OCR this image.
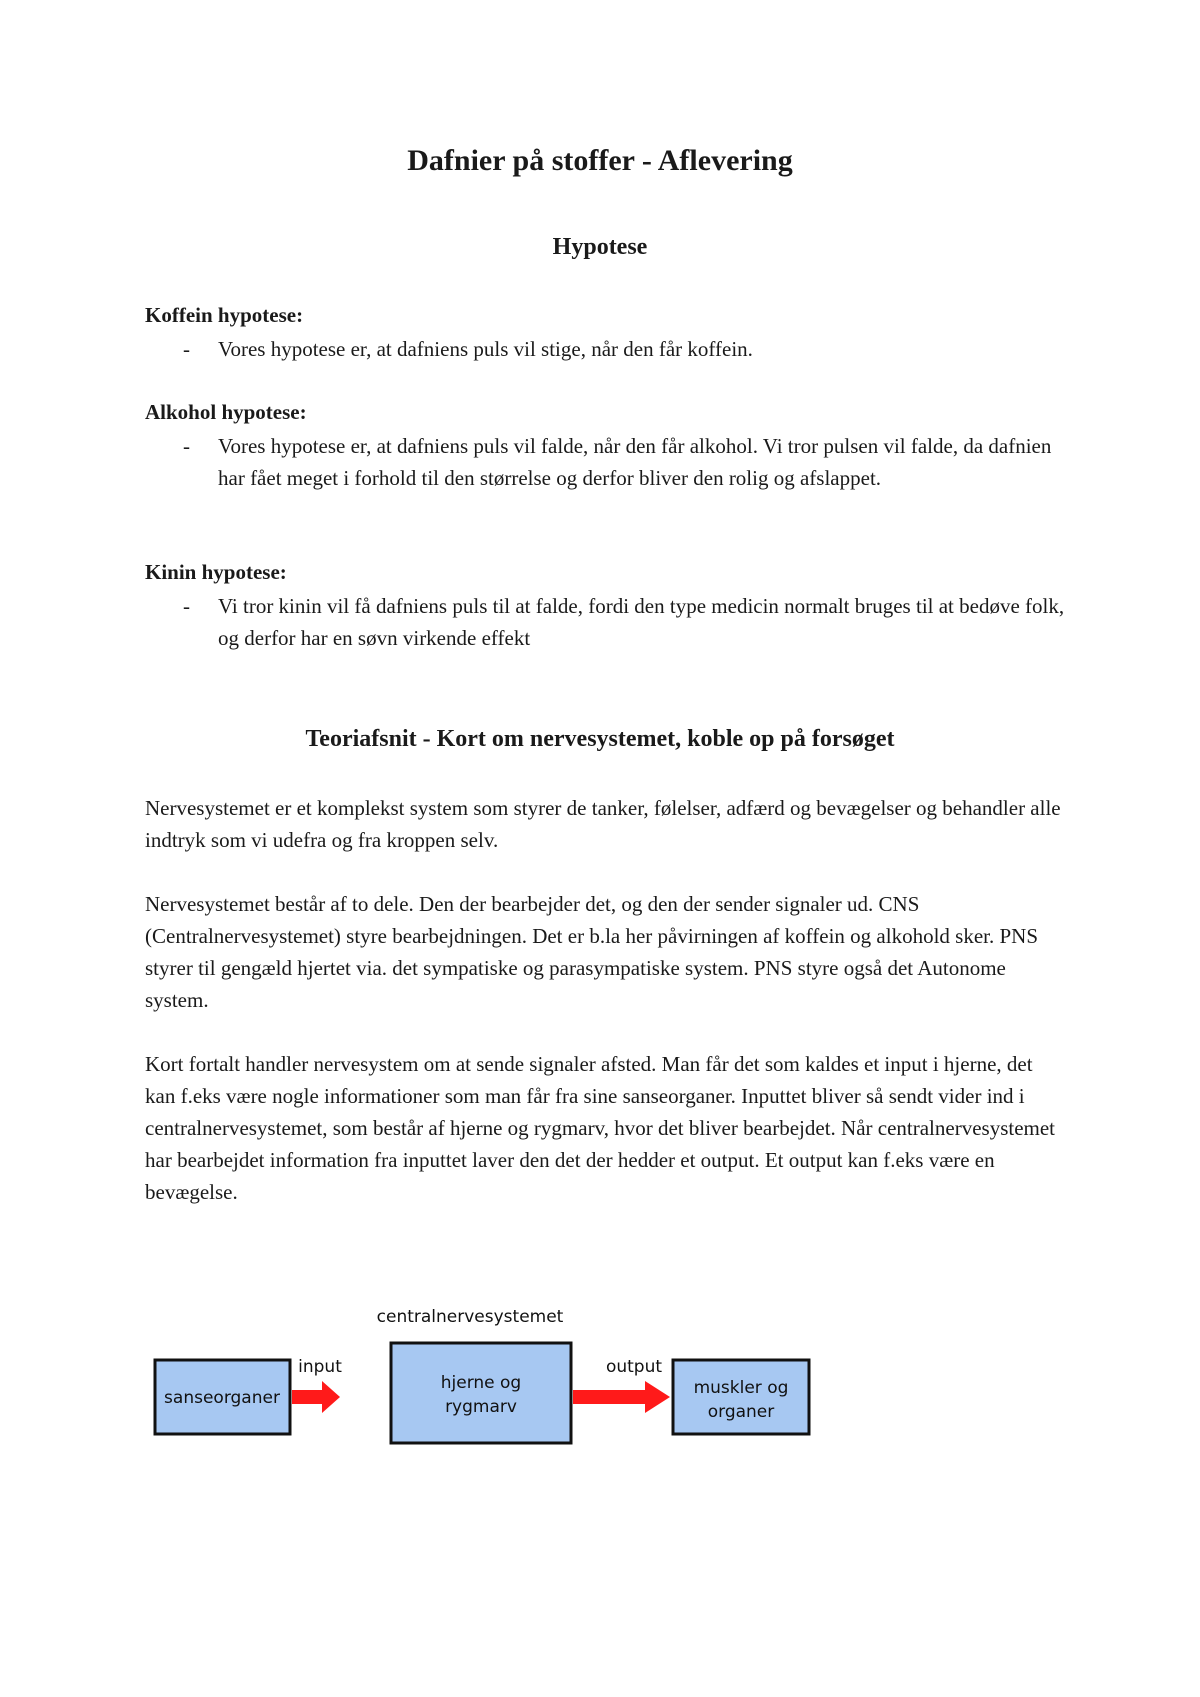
Dafnier på stoffer - Aflevering
Hypotese

Koffein hypotese:

- Vores hypotese er, at dafniens puls vil stige, når den får koffein.

Alkohol hypotese:

- Vores hypotese er, at dafniens puls vil falde, når den får alkohol. Vi tror pulsen vil falde, da dafnien har fået meget i forhold til den størrelse og derfor bliver den rolig og afslappet.

Kinin hypotese:

- Vi tror kinin vil få dafniens puls til at falde, fordi den type medicin normalt bruges til at bedøve folk, og derfor har en søvn virkende effekt
Teoriafsnit - Kort om nervesystemet, koble op på forsøget

Nervesystemet er et komplekst system som styrer de tanker, følelser, adfærd og bevægelser og behandler alle indtryk som vi udefra og fra kroppen selv.

Nervesystemet består af to dele. Den der bearbejder det, og den der sender signaler ud. CNS (Centralnervesystemet) styre bearbejdningen. Det er b.la her påvirningen af koffein og alkohold sker. PNS styrer til gengæld hjertet via. det sympatiske og parasympatiske system. PNS styre også det Autonome system.

Kort fortalt handler nervesystem om at sende signaler afsted. Man får det som kaldes et input i hjerne, det kan f.eks være nogle informationer som man får fra sine sanseorganer. Inputtet bliver så sendt vider ind i centralnervesystemet, som består af hjerne og rygmarv, hvor det bliver bearbejdet. Når centralnervesystemet har bearbejdet information fra inputtet laver den det der hedder et output. Et output kan f.eks være en bevægelse.

centralnervesystemet
sanseorganer
input
hjerne og
rygmarv
output
muskler og
organer
